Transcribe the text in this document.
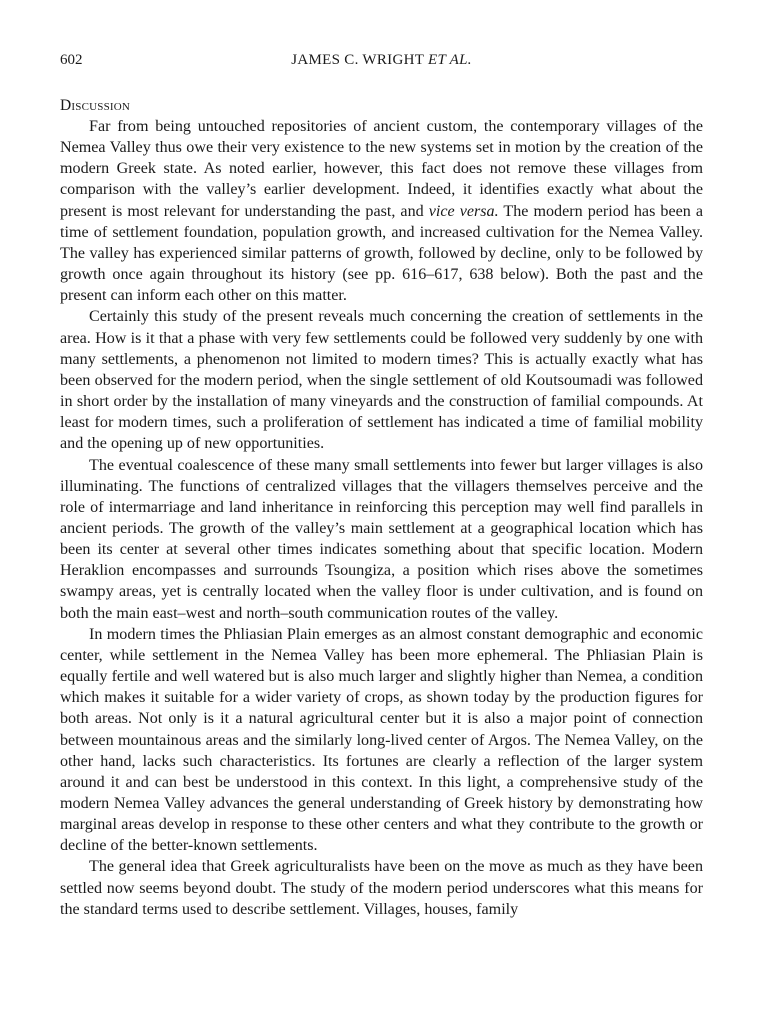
602	JAMES C. WRIGHT ET AL.
Discussion

Far from being untouched repositories of ancient custom, the contemporary villages of the Nemea Valley thus owe their very existence to the new systems set in motion by the creation of the modern Greek state. As noted earlier, however, this fact does not remove these villages from comparison with the valley’s earlier development. Indeed, it identifies exactly what about the present is most relevant for understanding the past, and vice versa. The modern period has been a time of settlement foundation, population growth, and increased cultivation for the Nemea Valley. The valley has experienced similar patterns of growth, followed by decline, only to be followed by growth once again throughout its history (see pp. 616–617, 638 below). Both the past and the present can inform each other on this matter.

Certainly this study of the present reveals much concerning the creation of settlements in the area. How is it that a phase with very few settlements could be followed very suddenly by one with many settlements, a phenomenon not limited to modern times? This is actually exactly what has been observed for the modern period, when the single settlement of old Koutsoumadi was followed in short order by the installation of many vineyards and the construction of familial compounds. At least for modern times, such a proliferation of settlement has indicated a time of familial mobility and the opening up of new opportunities.

The eventual coalescence of these many small settlements into fewer but larger villages is also illuminating. The functions of centralized villages that the villagers themselves perceive and the role of intermarriage and land inheritance in reinforcing this perception may well find parallels in ancient periods. The growth of the valley’s main settlement at a geographical location which has been its center at several other times indicates something about that specific location. Modern Heraklion encompasses and surrounds Tsoungiza, a position which rises above the sometimes swampy areas, yet is centrally located when the valley floor is under cultivation, and is found on both the main east–west and north–south communication routes of the valley.

In modern times the Phliasian Plain emerges as an almost constant demographic and economic center, while settlement in the Nemea Valley has been more ephemeral. The Phliasian Plain is equally fertile and well watered but is also much larger and slightly higher than Nemea, a condition which makes it suitable for a wider variety of crops, as shown today by the production figures for both areas. Not only is it a natural agricultural center but it is also a major point of connection between mountainous areas and the similarly long-lived center of Argos. The Nemea Valley, on the other hand, lacks such characteristics. Its fortunes are clearly a reflection of the larger system around it and can best be understood in this context. In this light, a comprehensive study of the modern Nemea Valley advances the general understanding of Greek history by demonstrating how marginal areas develop in response to these other centers and what they contribute to the growth or decline of the better-known settlements.

The general idea that Greek agriculturalists have been on the move as much as they have been settled now seems beyond doubt. The study of the modern period underscores what this means for the standard terms used to describe settlement. Villages, houses, family
